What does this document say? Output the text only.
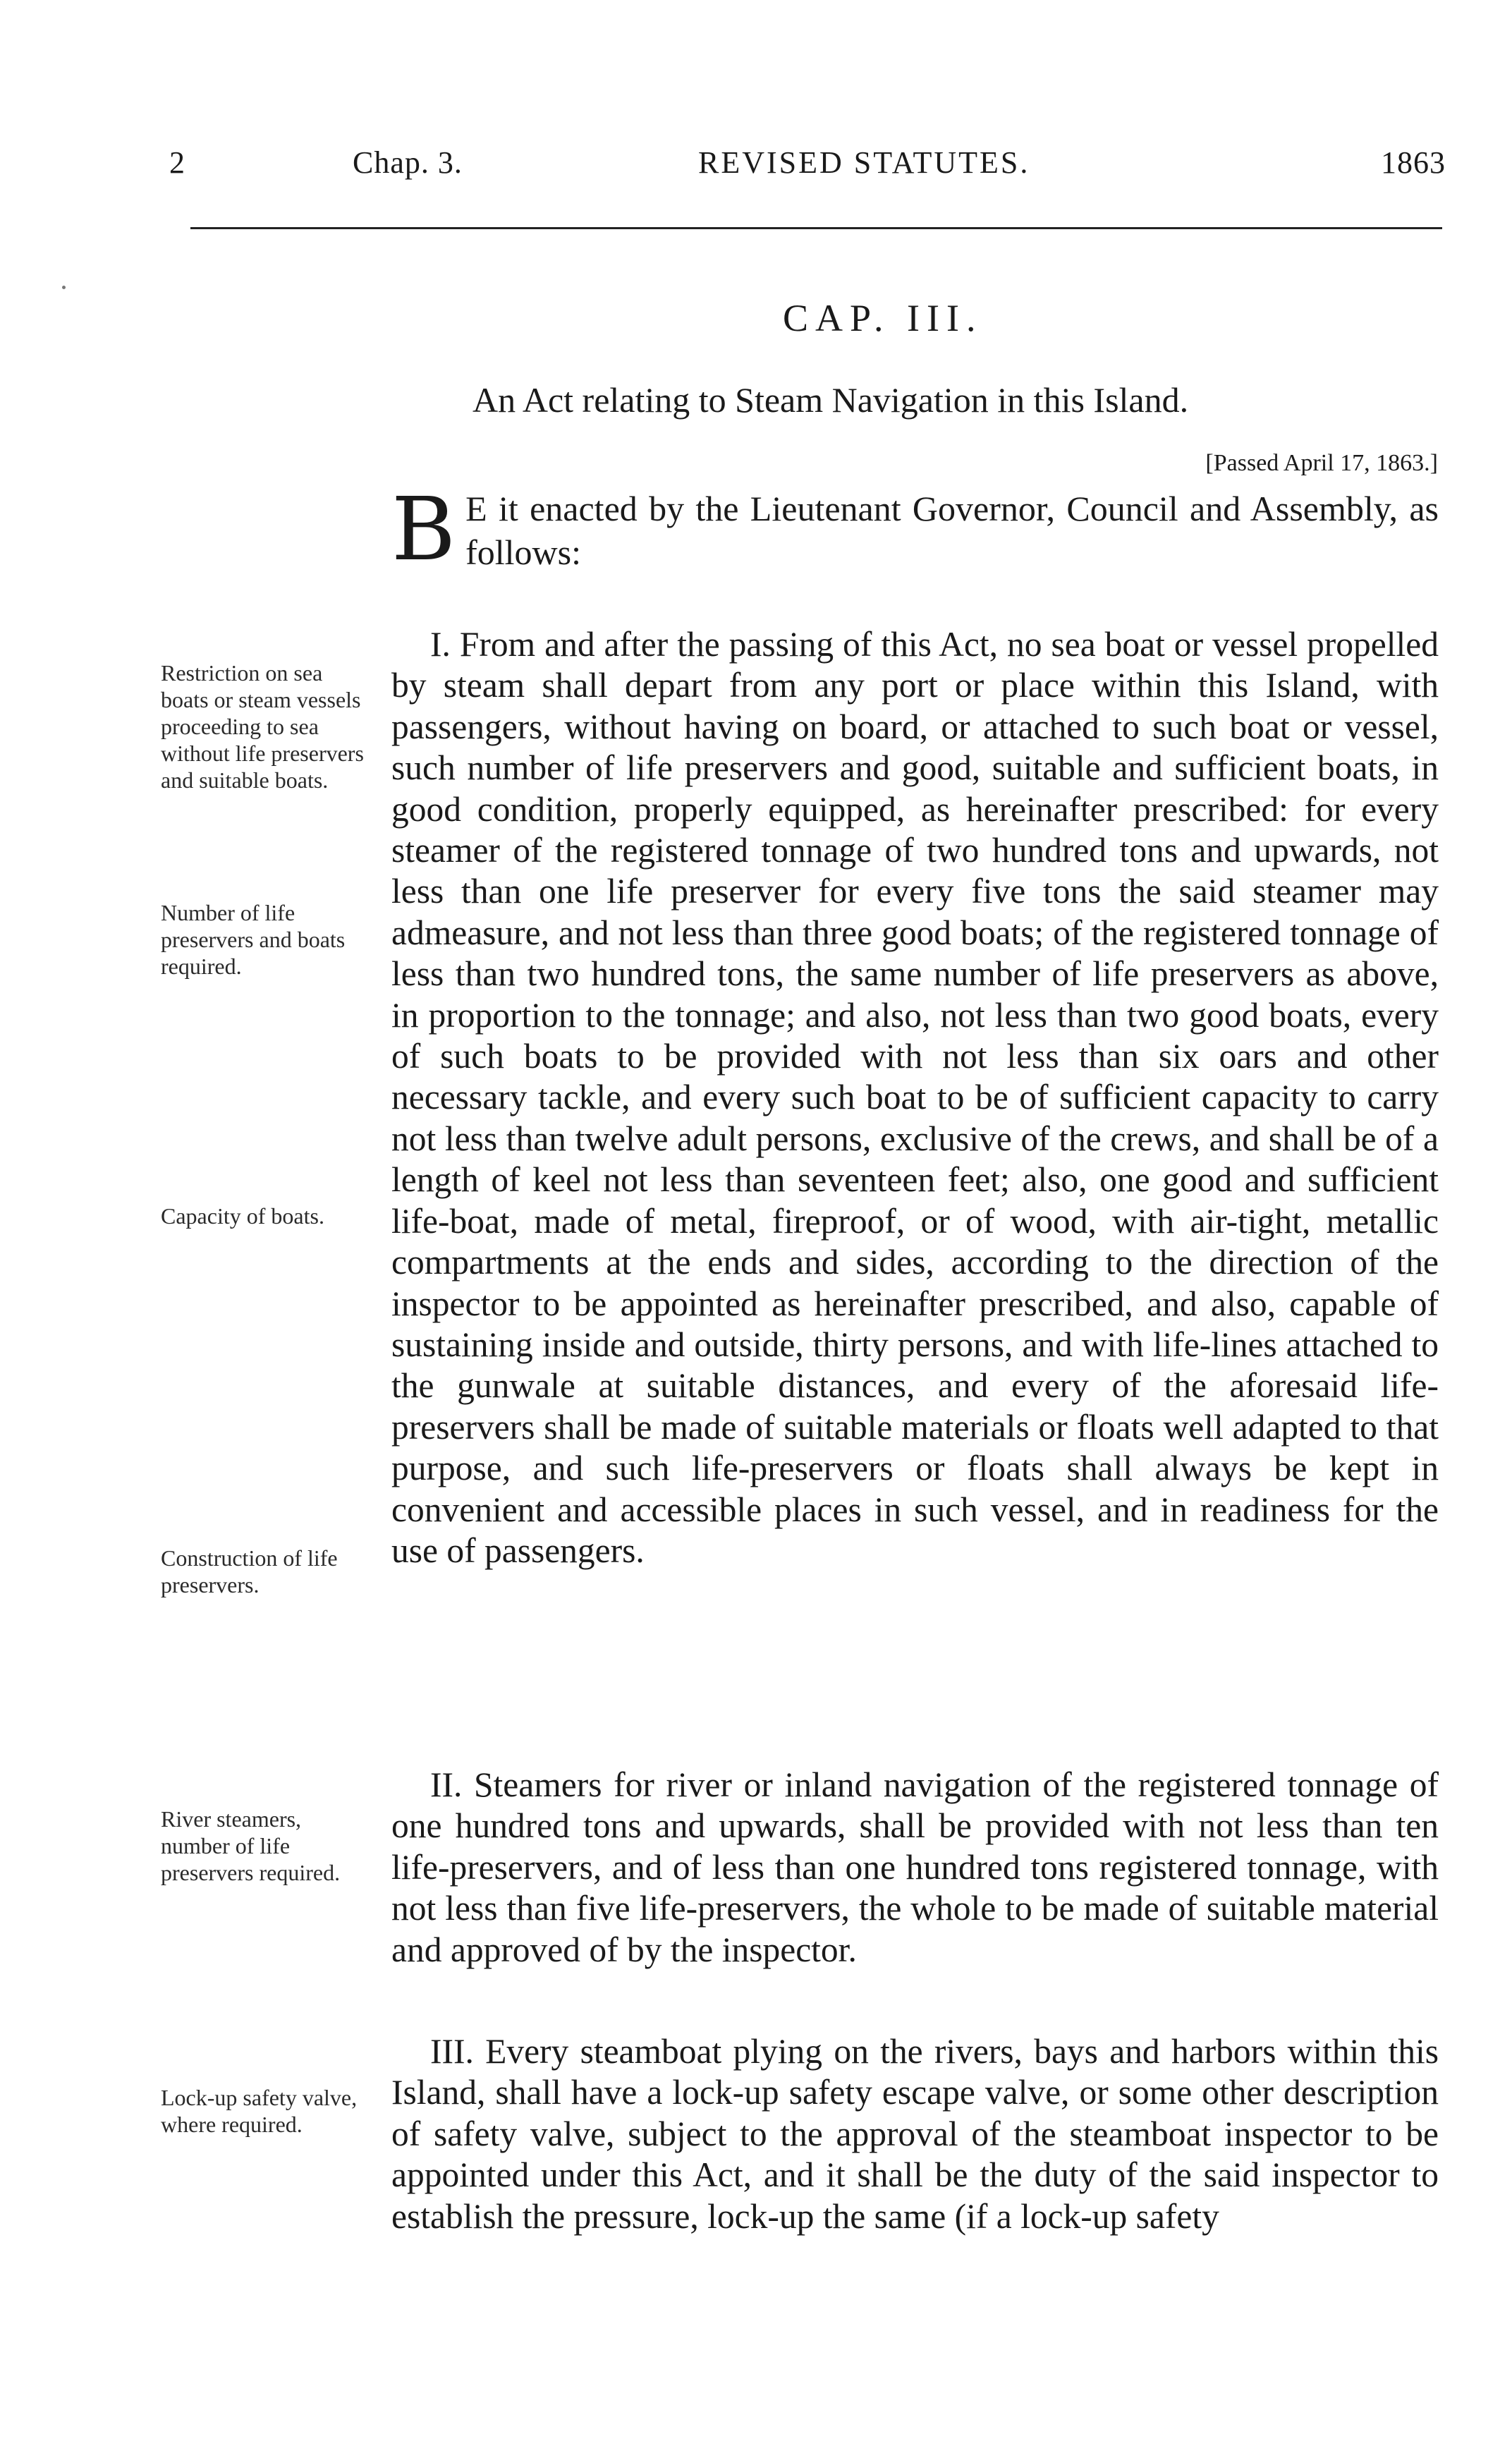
2	Chap. 3.	REVISED STATUTES.	1863
CAP. III.
An Act relating to Steam Navigation in this Island.
[Passed April 17, 1863.]
B E it enacted by the Lieutenant Governor, Council and Assembly, as follows:

I. From and after the passing of this Act, no sea boat or vessel propelled by steam shall depart from any port or place within this Island, with passengers, without having on board, or attached to such boat or vessel, such number of life preservers and good, suitable and sufficient boats, in good condition, properly equipped, as hereinafter prescribed: for every steamer of the registered tonnage of two hundred tons and upwards, not less than one life preserver for every five tons the said steamer may admeasure, and not less than three good boats; of the registered tonnage of less than two hundred tons, the same number of life preservers as above, in proportion to the tonnage; and also, not less than two good boats, every of such boats to be provided with not less than six oars and other necessary tackle, and every such boat to be of sufficient capacity to carry not less than twelve adult persons, exclusive of the crews, and shall be of a length of keel not less than seventeen feet; also, one good and sufficient life-boat, made of metal, fireproof, or of wood, with air-tight, metallic compartments at the ends and sides, according to the direction of the inspector to be appointed as hereinafter prescribed, and also, capable of sustaining inside and outside, thirty persons, and with life-lines attached to the gunwale at suitable distances, and every of the aforesaid life-preservers shall be made of suitable materials or floats well adapted to that purpose, and such life-preservers or floats shall always be kept in convenient and accessible places in such vessel, and in readiness for the use of passengers.

II. Steamers for river or inland navigation of the registered tonnage of one hundred tons and upwards, shall be provided with not less than ten life-preservers, and of less than one hundred tons registered tonnage, with not less than five life-preservers, the whole to be made of suitable material and approved of by the inspector.

III. Every steamboat plying on the rivers, bays and harbors within this Island, shall have a lock-up safety escape valve, or some other description of safety valve, subject to the approval of the steamboat inspector to be appointed under this Act, and it shall be the duty of the said inspector to establish the pressure, lock-up the same (if a lock-up safety

Restriction on sea boats or steam vessels proceeding to sea without life preservers and suitable boats.

Number of life preservers and boats required.

Capacity of boats.

Construction of life preservers.

River steamers, number of life preservers required.

Lock-up safety valve, where required.
